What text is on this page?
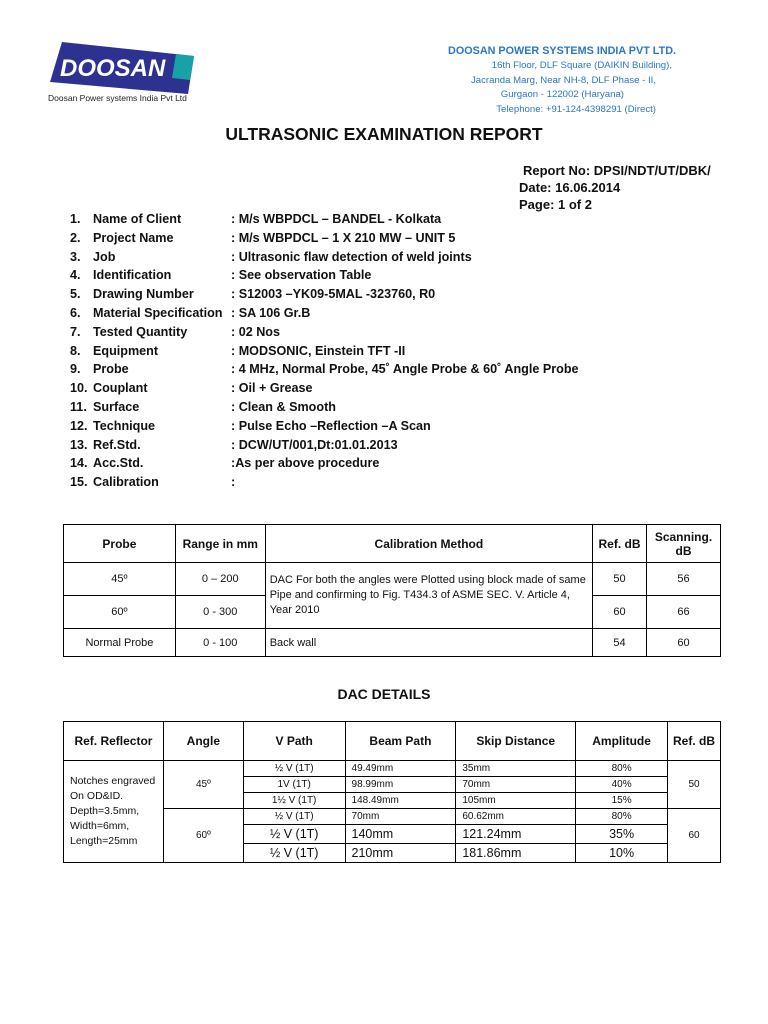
DOOSAN
Doosan Power systems India Pvt Ltd
DOOSAN POWER SYSTEMS INDIA PVT LTD.
16th Floor, DLF Square (DAIKIN Building),
Jacranda Marg, Near NH-8, DLF Phase - II,
Gurgaon - 122002 (Haryana)
Telephone: +91-124-4398291 (Direct)
ULTRASONIC EXAMINATION REPORT
Report No: DPSI/NDT/UT/DBK/
Date: 16.06.2014
Page: 1 of 2
1. Name of Client	: M/s WBPDCL – BANDEL - Kolkata
2. Project Name	: M/s WBPDCL – 1 X 210 MW – UNIT 5
3. Job	: Ultrasonic flaw detection of weld joints
4. Identification	: See observation Table
5. Drawing Number	: S12003 –YK09-5MAL -323760, R0
6. Material Specification : SA 106 Gr.B
7. Tested Quantity	: 02 Nos
8. Equipment	: MODSONIC, Einstein TFT -II
9. Probe	: 4 MHz, Normal Probe, 45˚ Angle Probe & 60˚ Angle Probe
10. Couplant	: Oil + Grease
11. Surface	: Clean & Smooth
12. Technique	: Pulse Echo –Reflection –A Scan
13. Ref.Std.	: DCW/UT/001,Dt:01.01.2013
14. Acc.Std.	:As per above procedure
15. Calibration	:
Probe	Range in mm	Calibration Method	Ref. dB	Scanning. dB
45º	0 – 200	DAC For both the angles were Plotted using block made of same Pipe and confirming to Fig. T434.3 of ASME SEC. V. Article 4, Year 2010	50	56
60º	0 - 300		60	66
Normal Probe	0 - 100	Back wall	54	60
DAC DETAILS
Ref. Reflector	Angle	V Path	Beam Path	Skip Distance	Amplitude	Ref. dB
Notches engraved On OD&ID. Depth=3.5mm, Width=6mm, Length=25mm	45º	½ V (1T)	49.49mm	35mm	80%	50
		1V (1T)	98.99mm	70mm	40%	
		1½ V (1T)	148.49mm	105mm	15%	
	60º	½ V (1T)	70mm	60.62mm	80%	60
		½ V (1T)	140mm	121.24mm	35%	
		½ V (1T)	210mm	181.86mm	10%	
